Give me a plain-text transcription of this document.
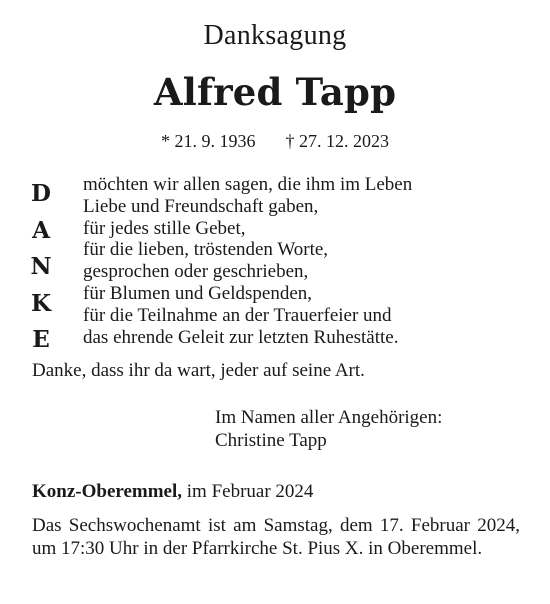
Danksagung
Alfred Tapp
* 21. 9. 1936 † 27. 12. 2023
D
A
N
K
E
möchten wir allen sagen, die ihm im Leben
Liebe und Freundschaft gaben,
für jedes stille Gebet,
für die lieben, tröstenden Worte,
gesprochen oder geschrieben,
für Blumen und Geldspenden,
für die Teilnahme an der Trauerfeier und
das ehrende Geleit zur letzten Ruhestätte.
Danke, dass ihr da wart, jeder auf seine Art.
Im Namen aller Angehörigen:
Christine Tapp
Konz-Oberemmel, im Februar 2024
Das Sechswochenamt ist am Samstag, dem 17. Februar 2024, um 17:30 Uhr in der Pfarrkirche St. Pius X. in Oberemmel.
